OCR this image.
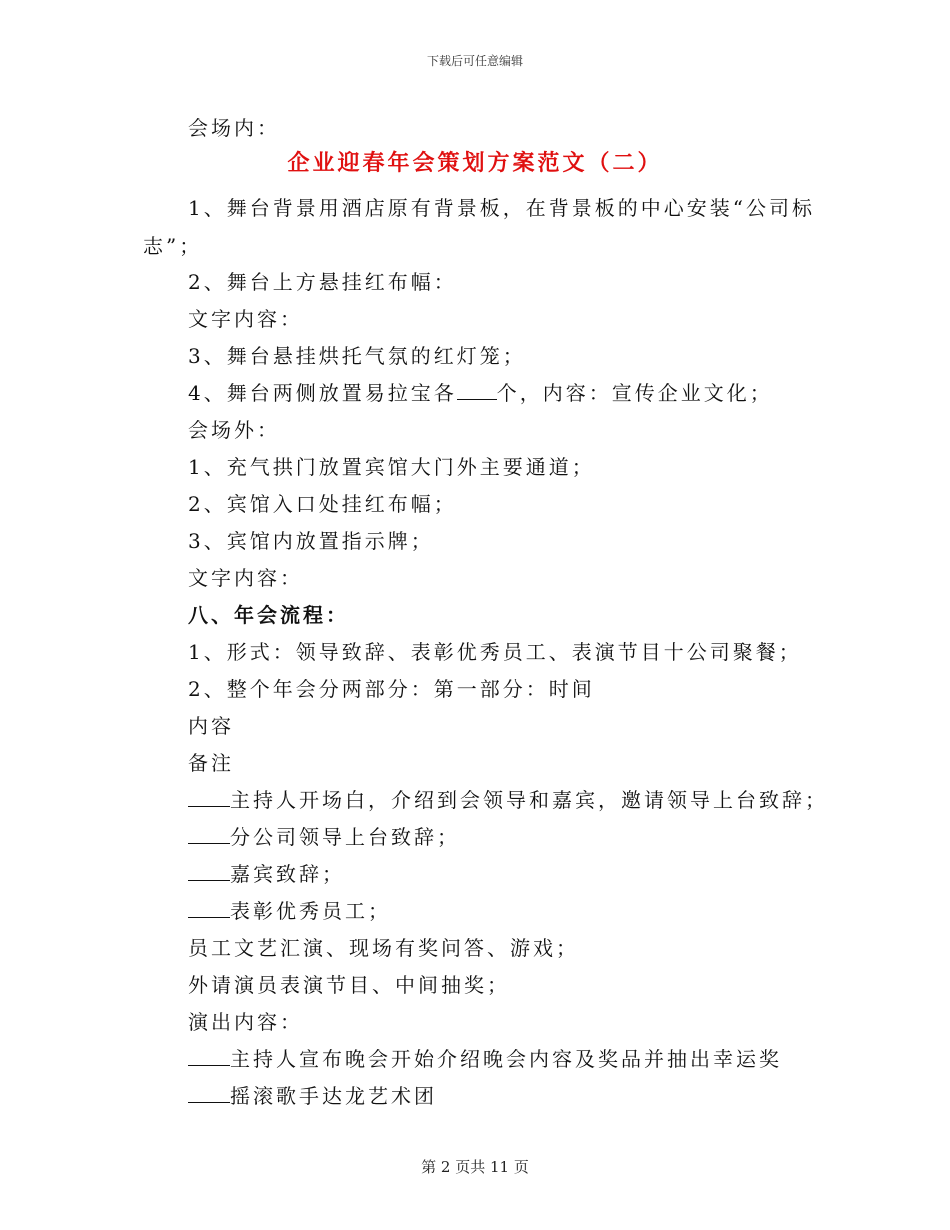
下载后可任意编辑
会场内：
企业迎春年会策划方案范文（二）
1、舞台背景用酒店原有背景板，在背景板的中心安装“公司标
志”；
2、舞台上方悬挂红布幅：
文字内容：
3、舞台悬挂烘托气氛的红灯笼；
4、舞台两侧放置易拉宝各 个，内容：宣传企业文化；
会场外：
1、充气拱门放置宾馆大门外主要通道；
2、宾馆入口处挂红布幅；
3、宾馆内放置指示牌；
文字内容：
八、年会流程：
1、形式：领导致辞、表彰优秀员工、表演节目十公司聚餐；
2、整个年会分两部分：第一部分：时间
内容
备注
主持人开场白，介绍到会领导和嘉宾，邀请领导上台致辞；
分公司领导上台致辞；
嘉宾致辞；
表彰优秀员工；
员工文艺汇演、现场有奖问答、游戏；
外请演员表演节目、中间抽奖；
演出内容：
主持人宣布晚会开始介绍晚会内容及奖品并抽出幸运奖
摇滚歌手达龙艺术团
第 2 页共 11 页
